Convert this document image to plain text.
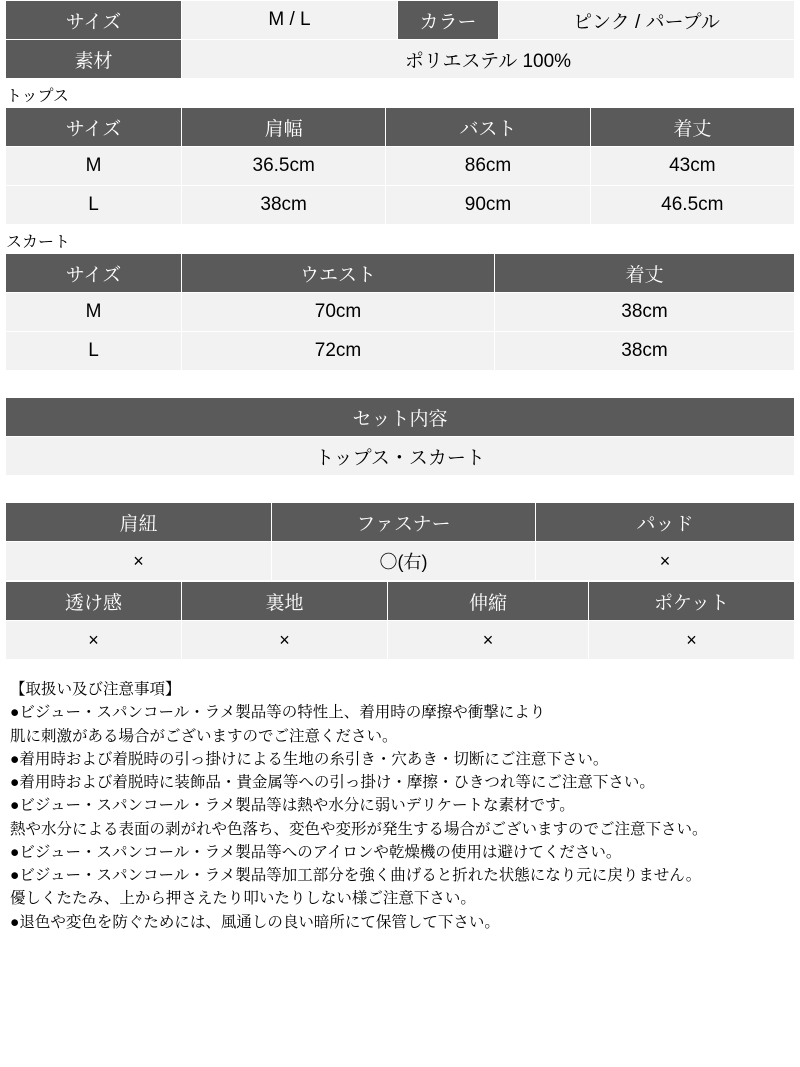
サイズ	M / L	カラー	ピンク / パープル
素材	ポリエステル 100%		
トップス
サイズ	肩幅	バスト	着丈
M	36.5cm	86cm	43cm
L	38cm	90cm	46.5cm
スカート
サイズ	ウエスト	着丈
M	70cm	38cm
L	72cm	38cm
セット内容
トップス・スカート
肩紐	ファスナー	パッド
×	〇(右)	×
透け感	裏地	伸縮	ポケット
×	×	×	×
【取扱い及び注意事項】
●ビジュー・スパンコール・ラメ製品等の特性上、着用時の摩擦や衝撃により
肌に刺激がある場合がございますのでご注意ください。
●着用時および着脱時の引っ掛けによる生地の糸引き・穴あき・切断にご注意下さい。
●着用時および着脱時に装飾品・貴金属等への引っ掛け・摩擦・ひきつれ等にご注意下さい。
●ビジュー・スパンコール・ラメ製品等は熱や水分に弱いデリケートな素材です。
熱や水分による表面の剥がれや色落ち、変色や変形が発生する場合がございますのでご注意下さい。
●ビジュー・スパンコール・ラメ製品等へのアイロンや乾燥機の使用は避けてください。
●ビジュー・スパンコール・ラメ製品等加工部分を強く曲げると折れた状態になり元に戻りません。
優しくたたみ、上から押さえたり叩いたりしない様ご注意下さい。
●退色や変色を防ぐためには、風通しの良い暗所にて保管して下さい。
